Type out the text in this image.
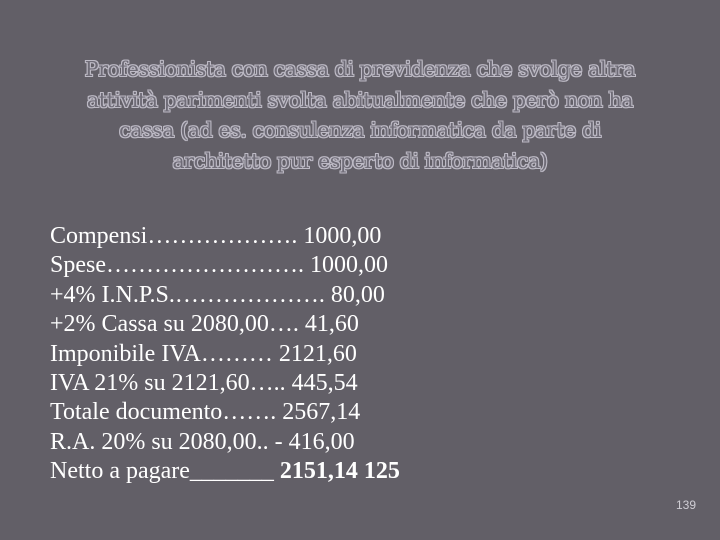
Professionista con cassa di previdenza che svolge altra
attività parimenti svolta abitualmente che però non ha
cassa (ad es. consulenza informatica da parte di
architetto pur esperto di informatica)
Compensi………………. 1000,00
Spese……………………. 1000,00
+4% I.N.P.S.………………. 80,00
+2% Cassa su 2080,00…. 41,60
Imponibile IVA……… 2121,60
IVA 21% su 2121,60….. 445,54
Totale documento……. 2567,14
R.A. 20% su 2080,00.. - 416,00
Netto a pagare_______ 2151,14 125
139
